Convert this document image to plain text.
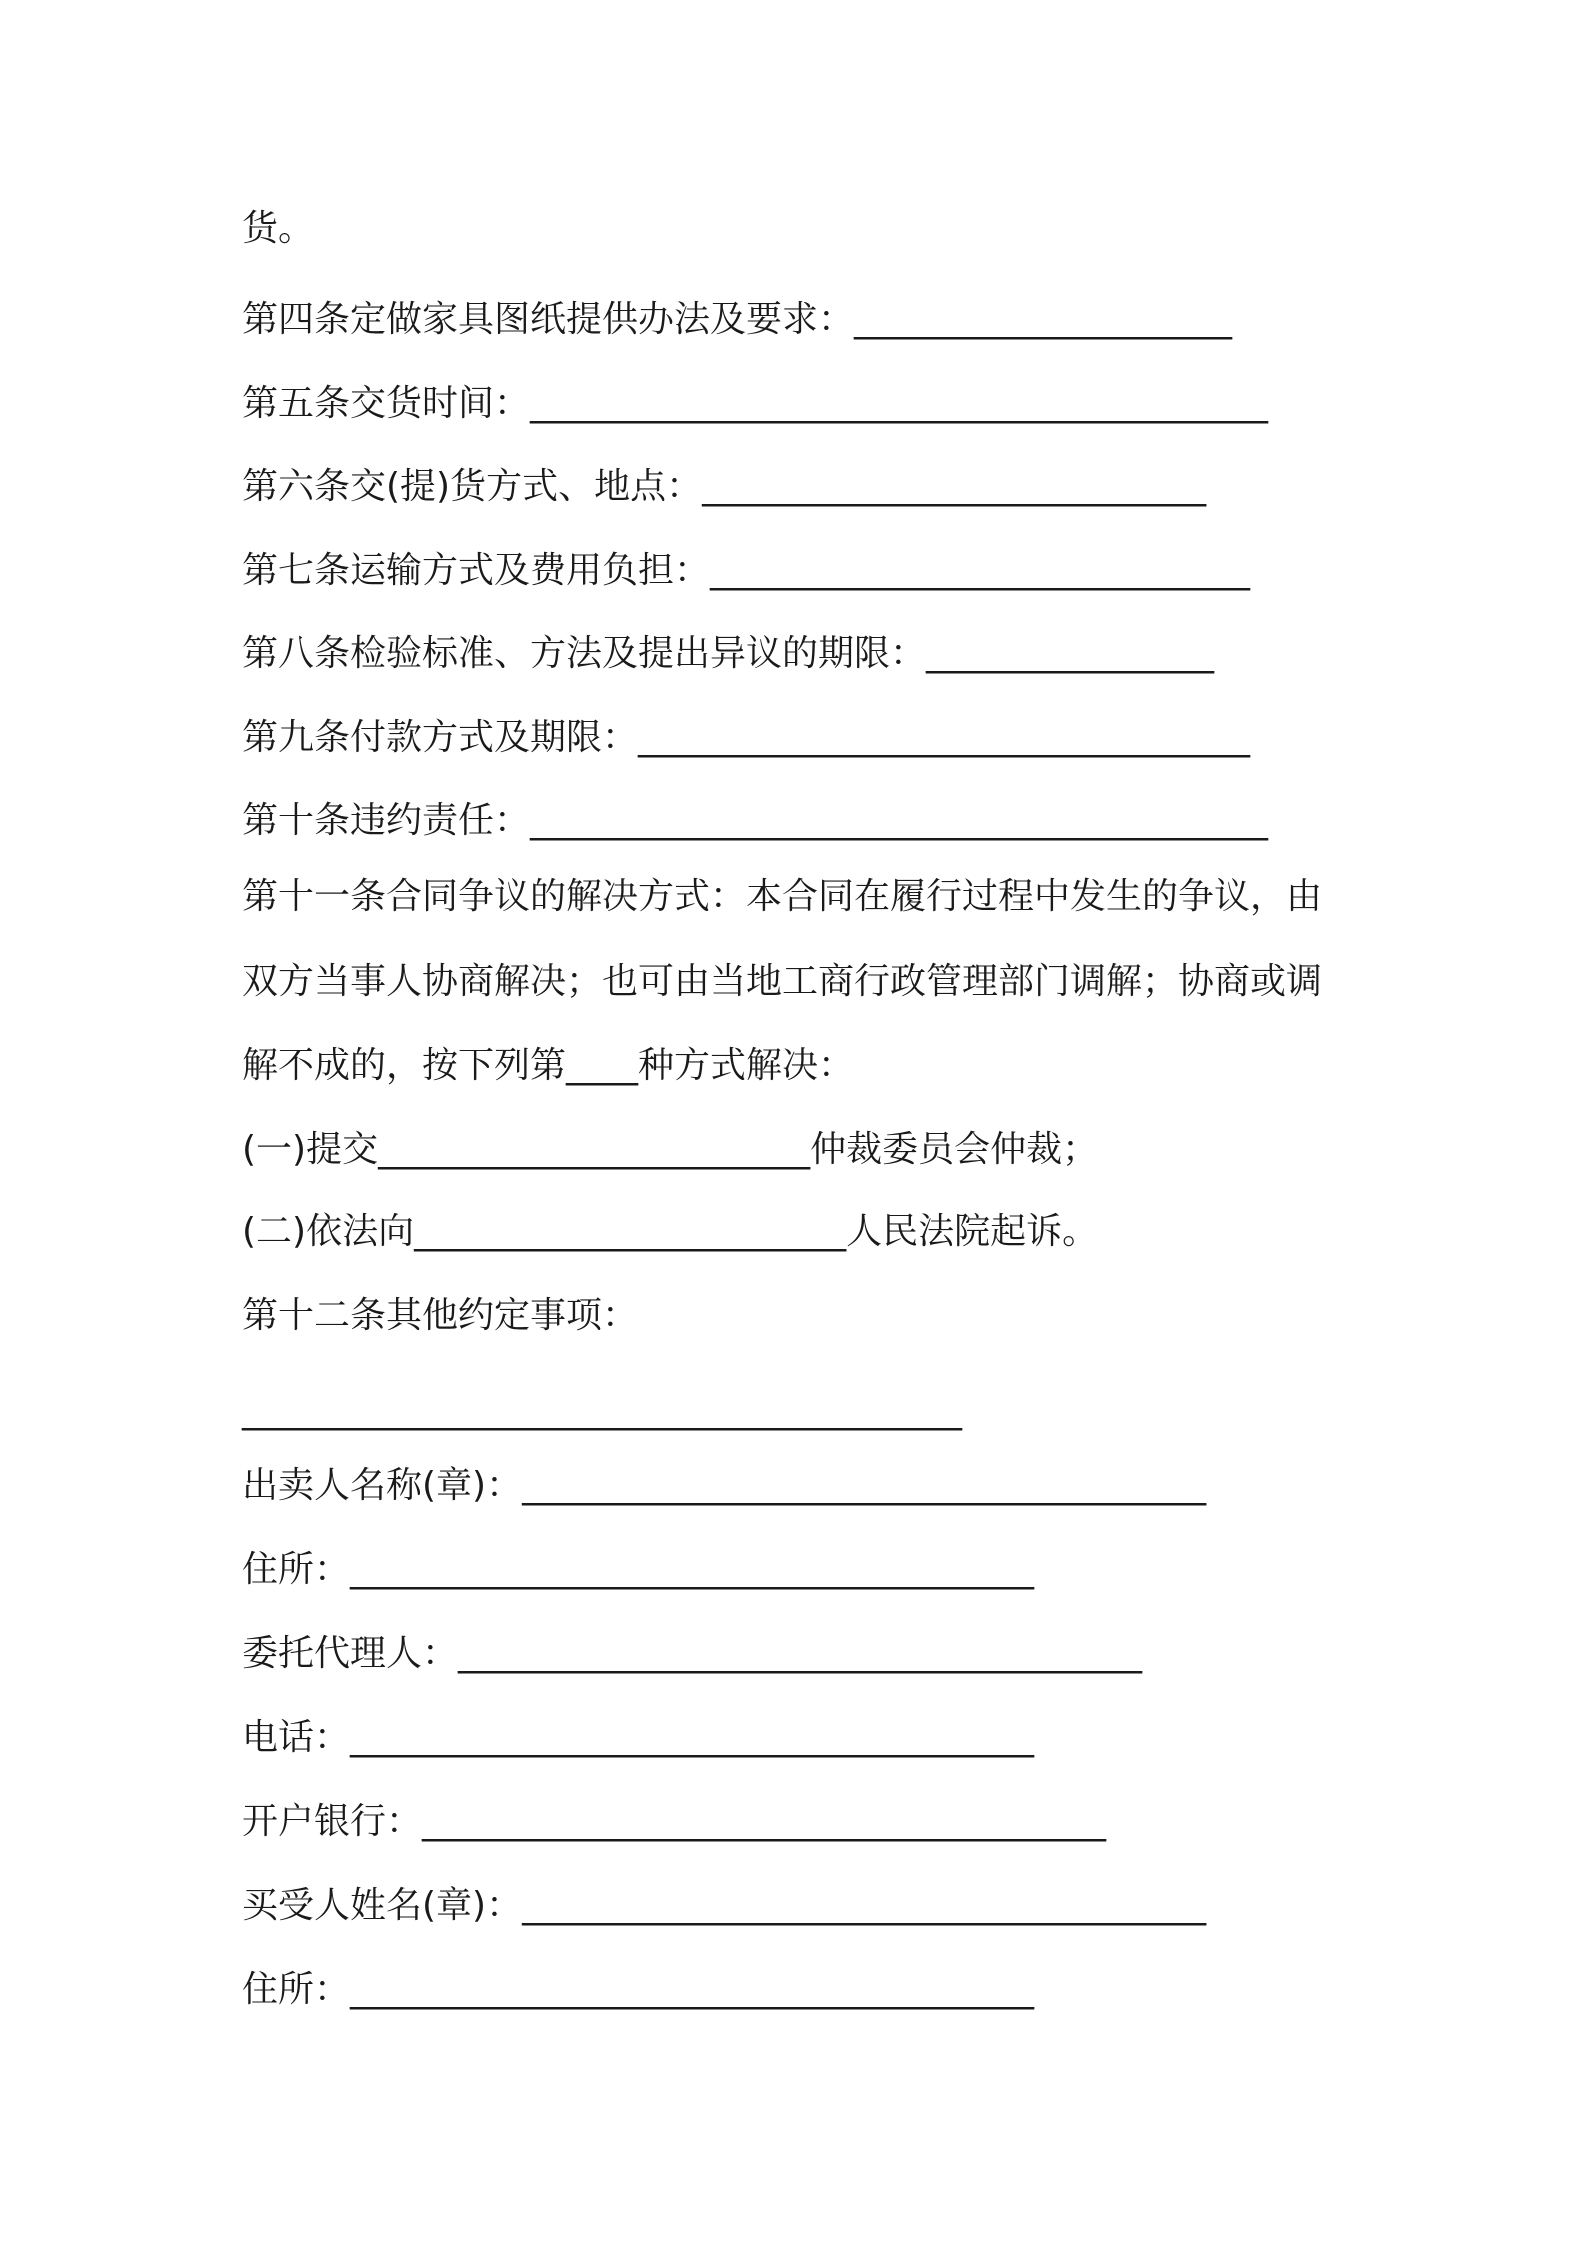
货。
第四条定做家具图纸提供办法及要求：_____________________
第五条交货时间：_________________________________________
第六条交(提)货方式、地点：____________________________
第七条运输方式及费用负担：______________________________
第八条检验标准、方法及提出异议的期限：________________
第九条付款方式及期限：__________________________________
第十条违约责任：_________________________________________
第十一条合同争议的解决方式：本合同在履行过程中发生的争议，由
双方当事人协商解决；也可由当地工商行政管理部门调解；协商或调
解不成的，按下列第____种方式解决：
(一)提交________________________仲裁委员会仲裁；
(二)依法向________________________人民法院起诉。
第十二条其他约定事项：
________________________________________
出卖人名称(章)：______________________________________
住所：______________________________________
委托代理人：______________________________________
电话：______________________________________
开户银行：______________________________________
买受人姓名(章)：______________________________________
住所：______________________________________
